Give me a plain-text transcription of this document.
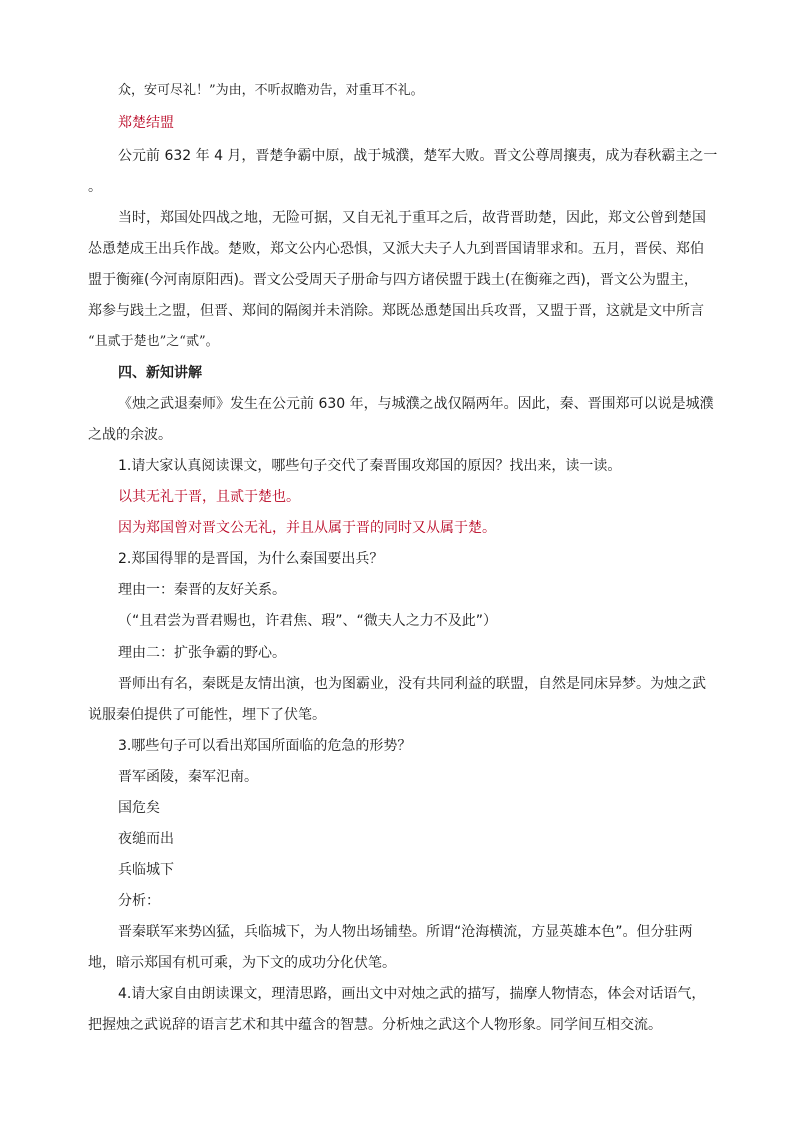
众，安可尽礼！”为由，不听叔瞻劝告，对重耳不礼。

郑楚结盟

公元前 632 年 4 月，晋楚争霸中原，战于城濮，楚军大败。晋文公尊周攘夷，成为春秋霸主之一

。

当时，郑国处四战之地，无险可据，又自无礼于重耳之后，故背晋助楚，因此，郑文公曾到楚国

怂恿楚成王出兵作战。楚败，郑文公内心恐惧，又派大夫子人九到晋国请罪求和。五月，晋侯、郑伯

盟于衡雍(今河南原阳西)。晋文公受周天子册命与四方诸侯盟于践土(在衡雍之西)，晋文公为盟主，

郑参与践土之盟，但晋、郑间的隔阂并未消除。郑既怂恿楚国出兵攻晋，又盟于晋，这就是文中所言

“且贰于楚也”之“贰”。

四、新知讲解

《烛之武退秦师》发生在公元前 630 年，与城濮之战仅隔两年。因此，秦、晋围郑可以说是城濮

之战的余波。

1.请大家认真阅读课文，哪些句子交代了秦晋围攻郑国的原因？找出来，读一读。

以其无礼于晋，且贰于楚也。

因为郑国曾对晋文公无礼，并且从属于晋的同时又从属于楚。

2.郑国得罪的是晋国，为什么秦国要出兵？

理由一：秦晋的友好关系。

（“且君尝为晋君赐也，许君焦、瑕”、“微夫人之力不及此”）

理由二：扩张争霸的野心。

晋师出有名，秦既是友情出演，也为图霸业，没有共同利益的联盟，自然是同床异梦。为烛之武

说服秦伯提供了可能性，埋下了伏笔。

3.哪些句子可以看出郑国所面临的危急的形势？

晋军函陵，秦军氾南。

国危矣

夜缒而出

兵临城下

分析：

晋秦联军来势凶猛，兵临城下，为人物出场铺垫。所谓“沧海横流，方显英雄本色”。但分驻两

地，暗示郑国有机可乘，为下文的成功分化伏笔。

4.请大家自由朗读课文，理清思路，画出文中对烛之武的描写，揣摩人物情态，体会对话语气，

把握烛之武说辞的语言艺术和其中蕴含的智慧。分析烛之武这个人物形象。同学间互相交流。
